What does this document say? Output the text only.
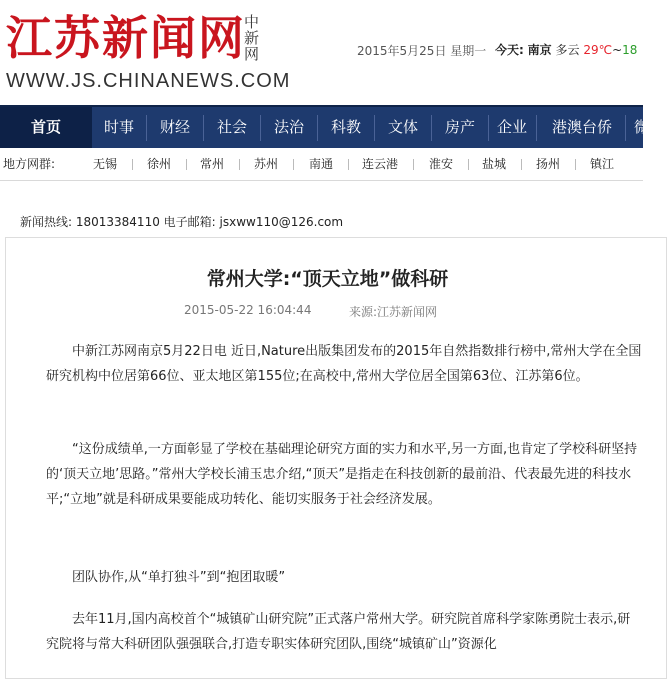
江苏新闻网
中新网
WWW.JS.CHINANEWS.COM
2015年5月25日 星期一 今天: 南京 多云 29℃~18
首页	时事	财经	社会	法治	科教	文体	房产	企业	港澳台侨	微
地方网群:	无锡 徐州 常州 苏州	南通 连云港	淮安 盐城 扬州 镇江
新闻热线: 18013384110 电子邮箱: jsxww110@126.com
常州大学:“顶天立地”做科研
2015-05-22 16:04:44	来源:江苏新闻网

中新江苏网南京5月22日电 近日,Nature出版集团发布的2015年自然指数排行榜中,常州大学在全国研究机构中位居第66位、亚太地区第155位;在高校中,常州大学位居全国第63位、江苏第6位。

“这份成绩单,一方面彰显了学校在基础理论研究方面的实力和水平,另一方面,也肯定了学校科研坚持的‘顶天立地’思路。”常州大学校长浦玉忠介绍,“顶天”是指走在科技创新的最前沿、代表最先进的科技水平;“立地”就是科研成果要能成功转化、能切实服务于社会经济发展。

团队协作,从“单打独斗”到“抱团取暖”

去年11月,国内高校首个“城镇矿山研究院”正式落户常州大学。研究院首席科学家陈勇院士表示,研究院将与常大科研团队强强联合,打造专职实体研究团队,围绕“城镇矿山”资源化
